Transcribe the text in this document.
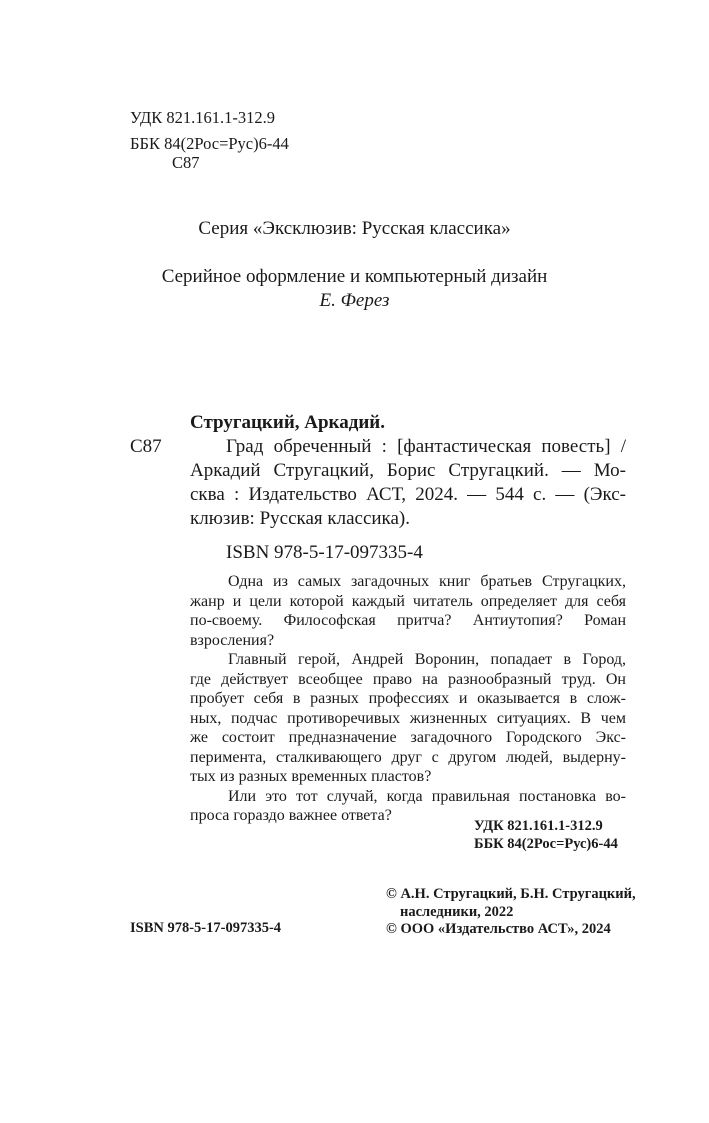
УДК 821.161.1-312.9
ББК 84(2Рос=Рус)6-44
С87
Серия «Эксклюзив: Русская классика»
Серийное оформление и компьютерный дизайн
Е. Ферез
Стругацкий, Аркадий.
С87	Град обреченный : [фантастическая повесть] /
Аркадий Стругацкий, Борис Стругацкий. — Мо-
сква : Издательство АСТ, 2024. — 544 с. — (Экс-
клюзив: Русская классика).
ISBN 978-5-17-097335-4
Одна из самых загадочных книг братьев Стругацких,
жанр и цели которой каждый читатель определяет для себя
по-своему. Философская притча? Антиутопия? Роман
взросления?
Главный герой, Андрей Воронин, попадает в Город,
где действует всеобщее право на разнообразный труд. Он
пробует себя в разных профессиях и оказывается в слож-
ных, подчас противоречивых жизненных ситуациях. В чем
же состоит предназначение загадочного Городского Экс-
перимента, сталкивающего друг с другом людей, выдерну-
тых из разных временных пластов?
Или это тот случай, когда правильная постановка во-
проса гораздо важнее ответа?
УДК 821.161.1-312.9
ББК 84(2Рос=Рус)6-44
ISBN 978-5-17-097335-4
© А.Н. Стругацкий, Б.Н. Стругацкий,
наследники, 2022
© ООО «Издательство АСТ», 2024
